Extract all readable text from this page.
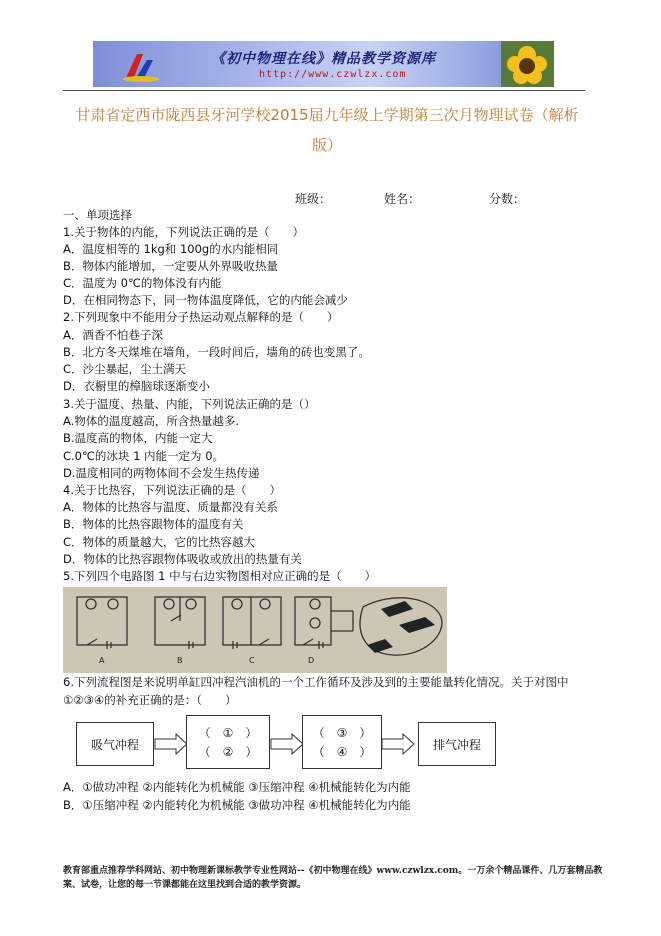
《初中物理在线》精品教学资源库
http://www.czwlzx.com
甘肃省定西市陇西县牙河学校2015届九年级上学期第三次月物理试卷（解析
版）
班级：	姓名：	分数：
一、单项选择
1.关于物体的内能，下列说法正确的是（　　）
A．温度相等的 1kg和 100g的水内能相同
B．物体内能增加，一定要从外界吸收热量
C．温度为 0℃的物体没有内能
D．在相同物态下，同一物体温度降低，它的内能会减少
2.下列现象中不能用分子热运动观点解释的是（　　）
A．酒香不怕巷子深
B．北方冬天煤堆在墙角，一段时间后，墙角的砖也变黑了。
C．沙尘暴起，尘土满天
D．衣橱里的樟脑球逐渐变小
3.关于温度、热量、内能，下列说法正确的是（）
A.物体的温度越高，所含热量越多.
B.温度高的物体，内能一定大
C.0℃的冰块 1 内能一定为 0。
D.温度相同的两物体间不会发生热传递
4.关于比热容，下列说法正确的是（　　）
A．物体的比热容与温度、质量都没有关系
B．物体的比热容跟物体的温度有关
C．物体的质量越大，它的比热容越大
D．物体的比热容跟物体吸收或放出的热量有关
5.下列四个电路图 1 中与右边实物图相对应正确的是（　　）
A	B	C	D
6.下列流程图是来说明单缸四冲程汽油机的一个工作循环及涉及到的主要能量转化情况。关于对图中
①②③④的补充正确的是：（　　）
吸气冲程
（　①　）
（　②　）
（　③　）
（　④　）	排气冲程
A．①做功冲程 ②内能转化为机械能 ③压缩冲程 ④机械能转化为内能
B．①压缩冲程 ②内能转化为机械能 ③做功冲程 ④机械能转化为内能
教育部重点推荐学科网站、初中物理新课标教学专业性网站--《初中物理在线》www.czwlzx.com。一万余个精品课件、几万套精品教案、试卷，让您的每一节课都能在这里找到合适的教学资源。
